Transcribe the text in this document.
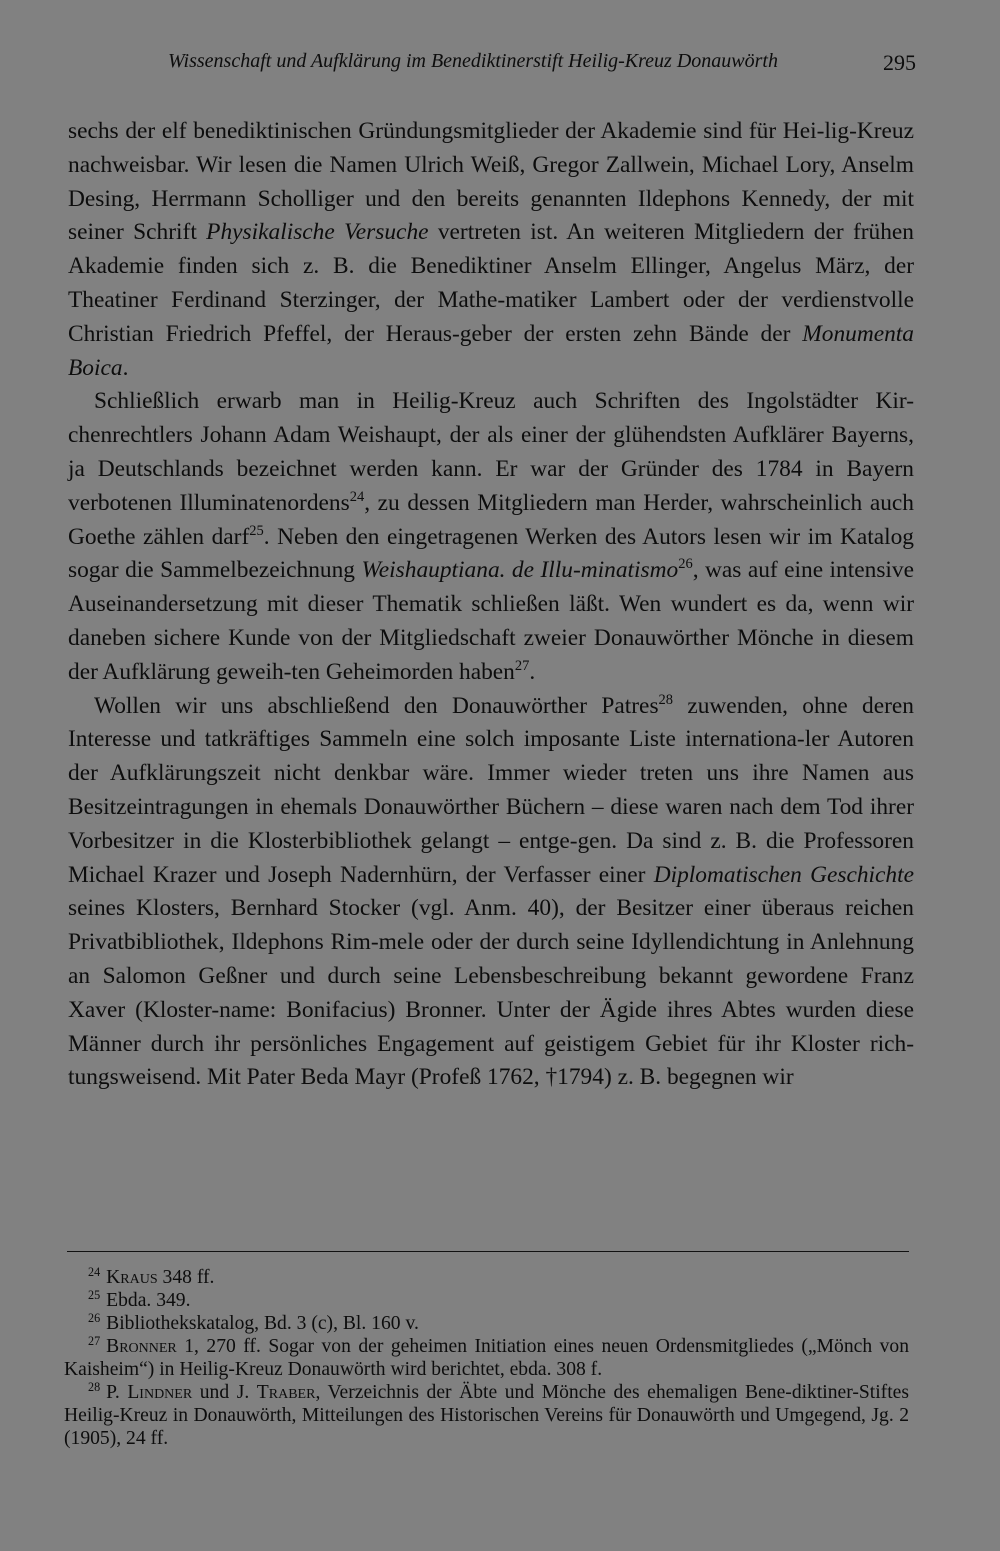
Wissenschaft und Aufklärung im Benediktinerstift Heilig-Kreuz Donauwörth	295

sechs der elf benediktinischen Gründungsmitglieder der Akademie sind für Hei-lig-Kreuz nachweisbar. Wir lesen die Namen Ulrich Weiß, Gregor Zallwein, Michael Lory, Anselm Desing, Herrmann Scholliger und den bereits genannten Ildephons Kennedy, der mit seiner Schrift Physikalische Versuche vertreten ist. An weiteren Mitgliedern der frühen Akademie finden sich z. B. die Benediktiner Anselm Ellinger, Angelus März, der Theatiner Ferdinand Sterzinger, der Mathe-matiker Lambert oder der verdienstvolle Christian Friedrich Pfeffel, der Heraus-geber der ersten zehn Bände der Monumenta Boica.

Schließlich erwarb man in Heilig-Kreuz auch Schriften des Ingolstädter Kir-chenrechtlers Johann Adam Weishaupt, der als einer der glühendsten Aufklärer Bayerns, ja Deutschlands bezeichnet werden kann. Er war der Gründer des 1784 in Bayern verbotenen Illuminatenordens$^{24}$, zu dessen Mitgliedern man Herder, wahrscheinlich auch Goethe zählen darf$^{25}$. Neben den eingetragenen Werken des Autors lesen wir im Katalog sogar die Sammelbezeichnung Weishauptiana. de Illu-minatismo$^{26}$, was auf eine intensive Auseinandersetzung mit dieser Thematik schließen läßt. Wen wundert es da, wenn wir daneben sichere Kunde von der Mitgliedschaft zweier Donauwörther Mönche in diesem der Aufklärung geweih-ten Geheimorden haben$^{27}$.

Wollen wir uns abschließend den Donauwörther Patres$^{28}$ zuwenden, ohne deren Interesse und tatkräftiges Sammeln eine solch imposante Liste internationa-ler Autoren der Aufklärungszeit nicht denkbar wäre. Immer wieder treten uns ihre Namen aus Besitzeintragungen in ehemals Donauwörther Büchern – diese waren nach dem Tod ihrer Vorbesitzer in die Klosterbibliothek gelangt – entge-gen. Da sind z. B. die Professoren Michael Krazer und Joseph Nadernhürn, der Verfasser einer Diplomatischen Geschichte seines Klosters, Bernhard Stocker (vgl. Anm. 40), der Besitzer einer überaus reichen Privatbibliothek, Ildephons Rim-mele oder der durch seine Idyllendichtung in Anlehnung an Salomon Geßner und durch seine Lebensbeschreibung bekannt gewordene Franz Xaver (Kloster-name: Bonifacius) Bronner. Unter der Ägide ihres Abtes wurden diese Männer durch ihr persönliches Engagement auf geistigem Gebiet für ihr Kloster rich-tungsweisend. Mit Pater Beda Mayr (Profeß 1762, †1794) z. B. begegnen wir

$^{24}$ Kraus 348 ff.

$^{25}$ Ebda. 349.

$^{26}$ Bibliothekskatalog, Bd. 3 (c), Bl. 160 v.

$^{27}$ Bronner 1, 270 ff. Sogar von der geheimen Initiation eines neuen Ordensmitgliedes („Mönch von Kaisheim“) in Heilig-Kreuz Donauwörth wird berichtet, ebda. 308 f.

$^{28}$ P. Lindner und J. Traber, Verzeichnis der Äbte und Mönche des ehemaligen Bene-diktiner-Stiftes Heilig-Kreuz in Donauwörth, Mitteilungen des Historischen Vereins für Donauwörth und Umgegend, Jg. 2 (1905), 24 ff.
